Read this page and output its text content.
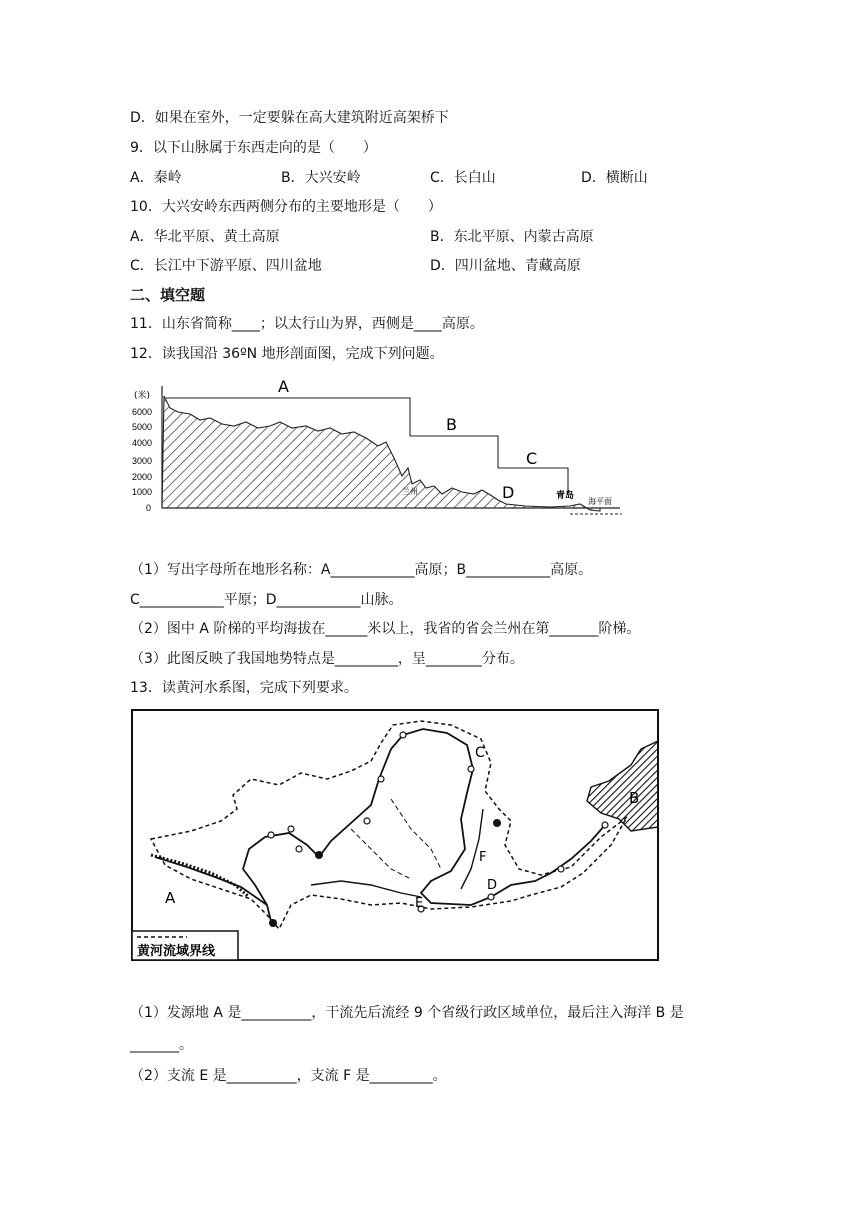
D．如果在室外，一定要躲在高大建筑附近高架桥下
9．以下山脉属于东西走向的是（　　）
A．秦岭	B．大兴安岭	C．长白山	D．横断山
10．大兴安岭东西两侧分布的主要地形是（　　）
A．华北平原、黄土高原	B．东北平原、内蒙古高原
C．长江中下游平原、四川盆地	D．四川盆地、青藏高原
二、填空题
11．山东省简称____；以太行山为界，西侧是____高原。
12．读我国沿 36ºN 地形剖面图，完成下列问题。
(米)
6000
5000
4000
3000
2000
1000
0
A
B
C
D
兰州	青岛
海平面
（1）写出字母所在地形名称：A____________高原；B____________高原。
C____________平原；D____________山脉。
（2）图中 A 阶梯的平均海拔在______米以上，我省的省会兰州在第_______阶梯。
（3）此图反映了我国地势特点是_________，呈________分布。
13．读黄河水系图，完成下列要求。
A
B
C
D
E
F
黄河流域界线
（1）发源地 A 是__________，干流先后流经 9 个省级行政区域单位，最后注入海洋 B 是
_______。
（2）支流 E 是__________，支流 F 是_________。
